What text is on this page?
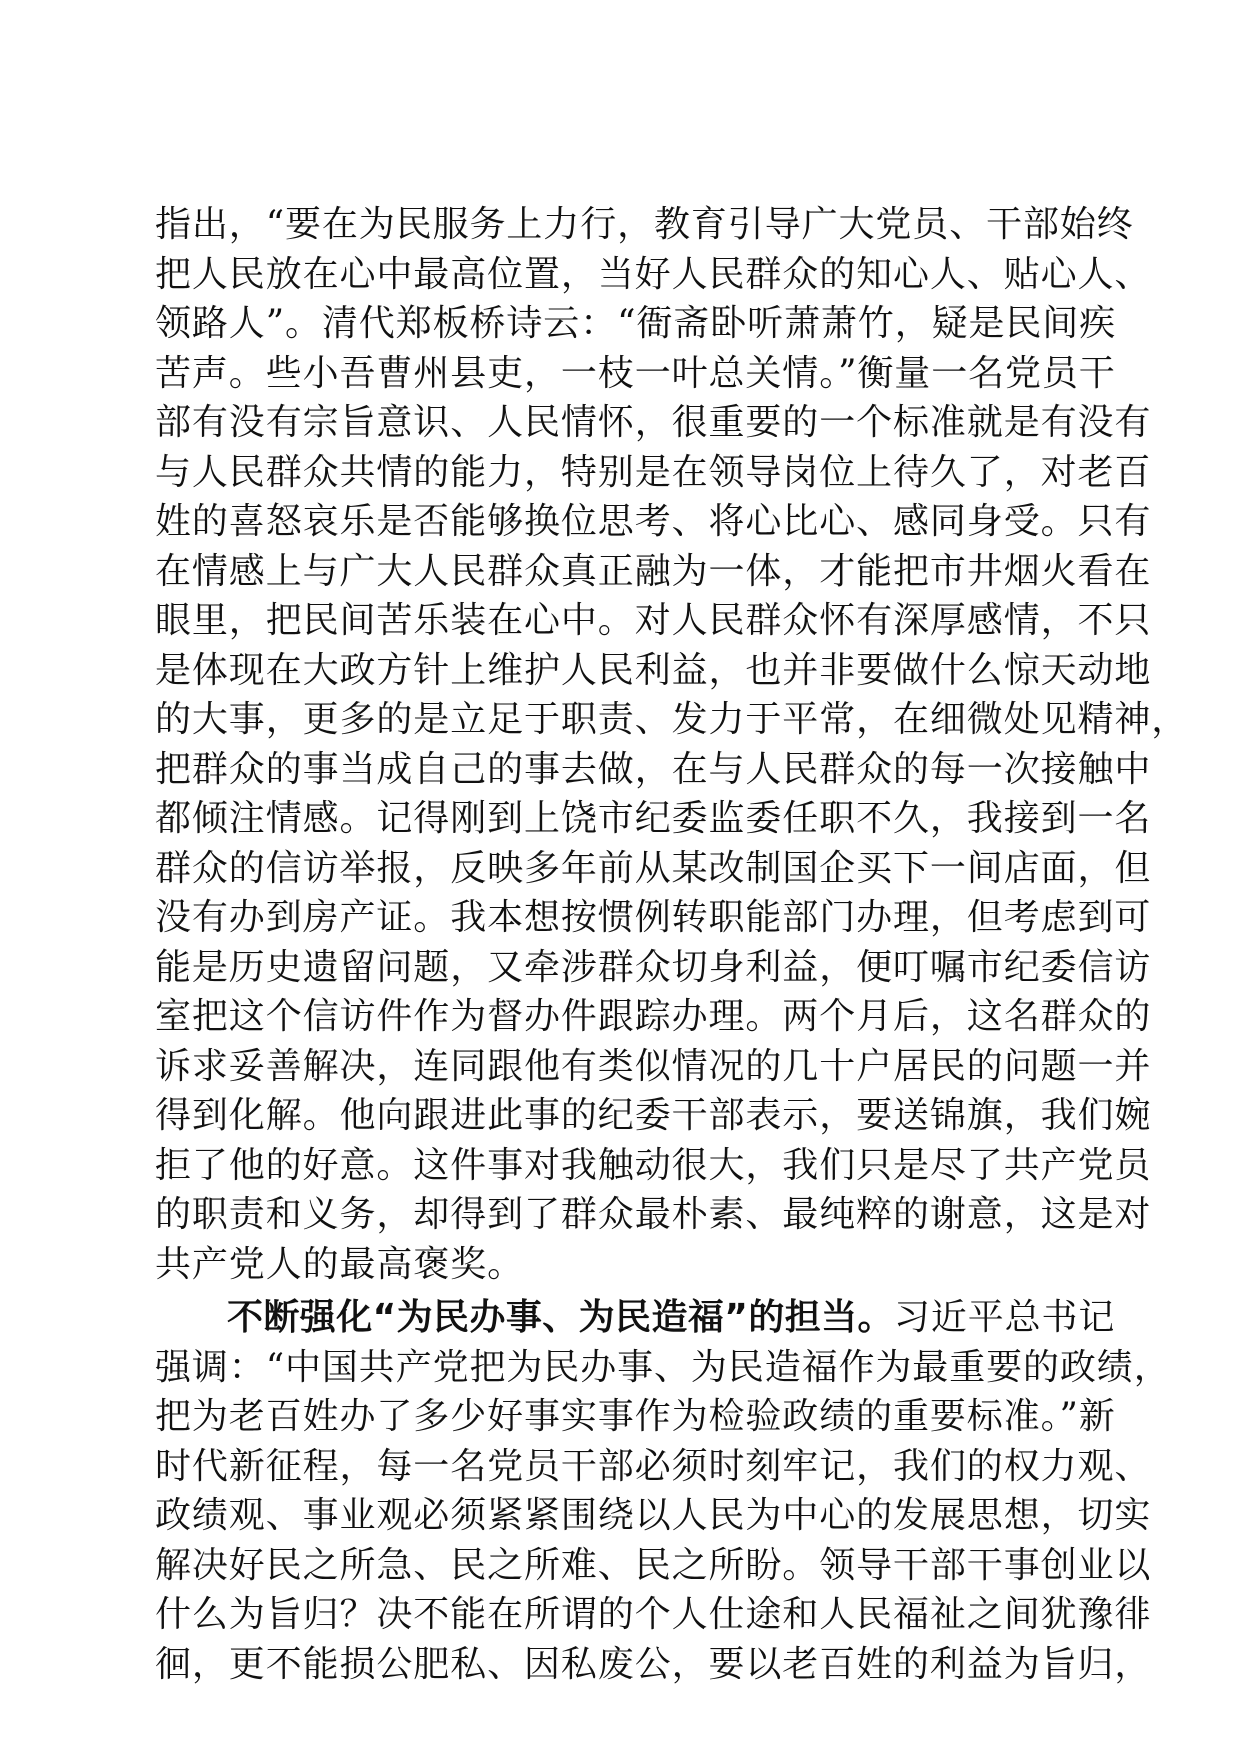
指出，“要在为民服务上力行，教育引导广大党员、干部始终
把人民放在心中最高位置，当好人民群众的知心人、贴心人、
领路人”。清代郑板桥诗云：“衙斋卧听萧萧竹，疑是民间疾
苦声。些小吾曹州县吏，一枝一叶总关情。”衡量一名党员干
部有没有宗旨意识、人民情怀，很重要的一个标准就是有没有
与人民群众共情的能力，特别是在领导岗位上待久了，对老百
姓的喜怒哀乐是否能够换位思考、将心比心、感同身受。只有
在情感上与广大人民群众真正融为一体，才能把市井烟火看在
眼里，把民间苦乐装在心中。对人民群众怀有深厚感情，不只
是体现在大政方针上维护人民利益，也并非要做什么惊天动地
的大事，更多的是立足于职责、发力于平常，在细微处见精神，
把群众的事当成自己的事去做，在与人民群众的每一次接触中
都倾注情感。记得刚到上饶市纪委监委任职不久，我接到一名
群众的信访举报，反映多年前从某改制国企买下一间店面，但
没有办到房产证。我本想按惯例转职能部门办理，但考虑到可
能是历史遗留问题，又牵涉群众切身利益，便叮嘱市纪委信访
室把这个信访件作为督办件跟踪办理。两个月后，这名群众的
诉求妥善解决，连同跟他有类似情况的几十户居民的问题一并
得到化解。他向跟进此事的纪委干部表示，要送锦旗，我们婉
拒了他的好意。这件事对我触动很大，我们只是尽了共产党员
的职责和义务，却得到了群众最朴素、最纯粹的谢意，这是对
共产党人的最高褒奖。
不断强化“为民办事、为民造福”的担当。习近平总书记
强调：“中国共产党把为民办事、为民造福作为最重要的政绩，
把为老百姓办了多少好事实事作为检验政绩的重要标准。”新
时代新征程，每一名党员干部必须时刻牢记，我们的权力观、
政绩观、事业观必须紧紧围绕以人民为中心的发展思想，切实
解决好民之所急、民之所难、民之所盼。领导干部干事创业以
什么为旨归？决不能在所谓的个人仕途和人民福祉之间犹豫徘
徊，更不能损公肥私、因私废公，要以老百姓的利益为旨归，
